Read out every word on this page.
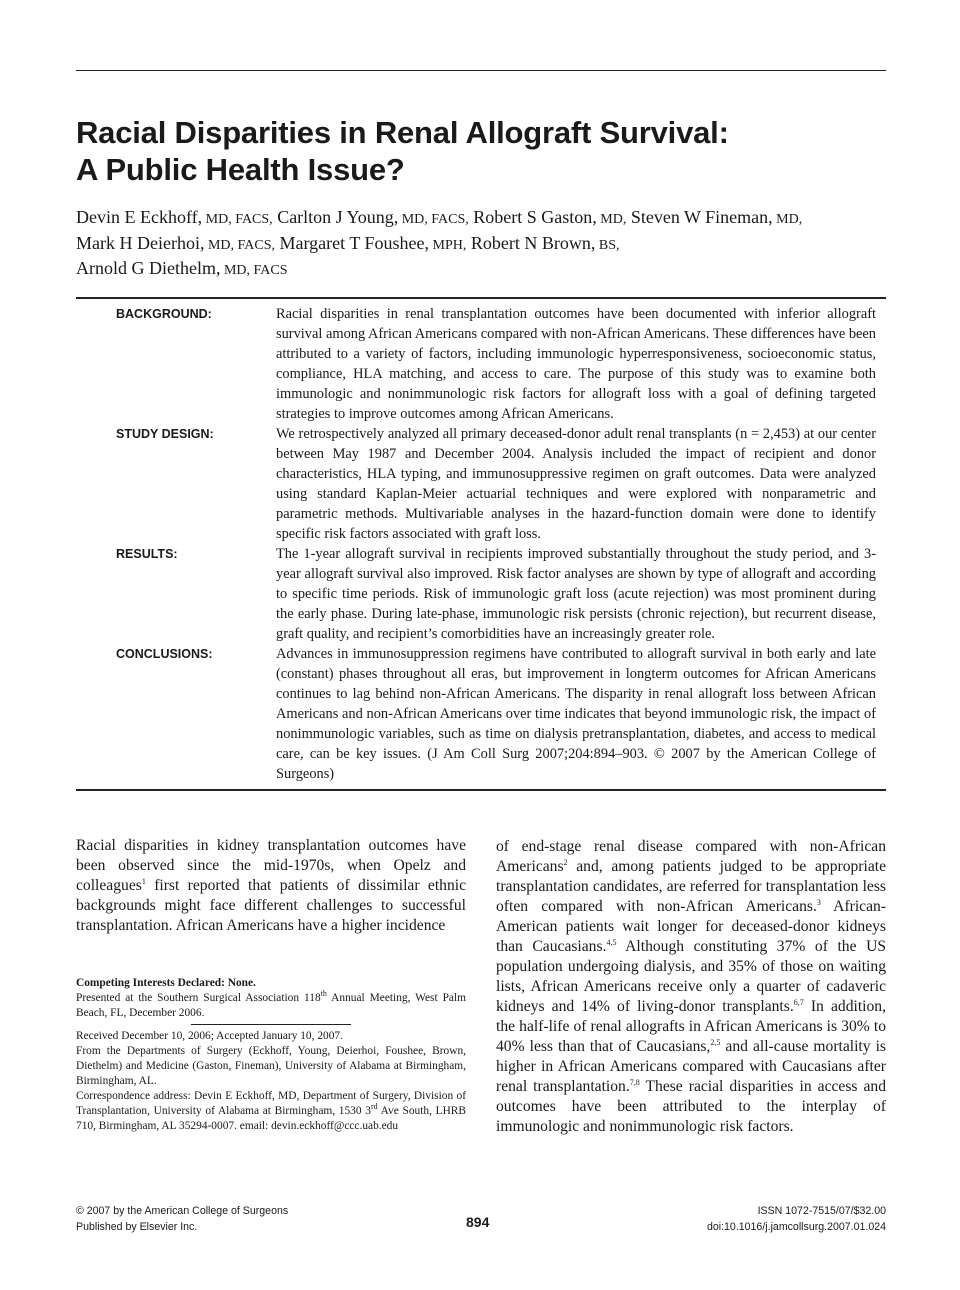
Racial Disparities in Renal Allograft Survival:
A Public Health Issue?
Devin E Eckhoff, MD, FACS, Carlton J Young, MD, FACS, Robert S Gaston, MD, Steven W Fineman, MD,
Mark H Deierhoi, MD, FACS, Margaret T Foushee, MPH, Robert N Brown, BS,
Arnold G Diethelm, MD, FACS
BACKGROUND:	Racial disparities in renal transplantation outcomes have been documented with inferior allograft survival among African Americans compared with non-African Americans. These differences have been attributed to a variety of factors, including immunologic hyperresponsiveness, socioeconomic status, compliance, HLA matching, and access to care. The purpose of this study was to examine both immunologic and nonimmunologic risk factors for allograft loss with a goal of defining targeted strategies to improve outcomes among African Americans.
STUDY DESIGN:	We retrospectively analyzed all primary deceased-donor adult renal transplants (n = 2,453) at our center between May 1987 and December 2004. Analysis included the impact of recipient and donor characteristics, HLA typing, and immunosuppressive regimen on graft outcomes. Data were analyzed using standard Kaplan-Meier actuarial techniques and were explored with nonparametric and parametric methods. Multivariable analyses in the hazard-function domain were done to identify specific risk factors associated with graft loss.
RESULTS:	The 1-year allograft survival in recipients improved substantially throughout the study period, and 3-year allograft survival also improved. Risk factor analyses are shown by type of allograft and according to specific time periods. Risk of immunologic graft loss (acute rejection) was most prominent during the early phase. During late-phase, immunologic risk persists (chronic rejection), but recurrent disease, graft quality, and recipient’s comorbidities have an increasingly greater role.
CONCLUSIONS:	Advances in immunosuppression regimens have contributed to allograft survival in both early and late (constant) phases throughout all eras, but improvement in longterm outcomes for African Americans continues to lag behind non-African Americans. The disparity in renal allograft loss between African Americans and non-African Americans over time indicates that beyond immunologic risk, the impact of nonimmunologic variables, such as time on dialysis pretransplantation, diabetes, and access to medical care, can be key issues. (J Am Coll Surg 2007;204:894–903. © 2007 by the American College of Surgeons)
Racial disparities in kidney transplantation outcomes have been observed since the mid-1970s, when Opelz and colleagues$^1$ first reported that patients of dissimilar ethnic backgrounds might face different challenges to successful transplantation. African Americans have a higher incidence

Competing Interests Declared: None.

Presented at the Southern Surgical Association 118th Annual Meeting, West Palm Beach, FL, December 2006.

Received December 10, 2006; Accepted January 10, 2007.

From the Departments of Surgery (Eckhoff, Young, Deierhoi, Foushee, Brown, Diethelm) and Medicine (Gaston, Fineman), University of Alabama at Birmingham, Birmingham, AL.

Correspondence address: Devin E Eckhoff, MD, Department of Surgery, Division of Transplantation, University of Alabama at Birmingham, 1530 3rd Ave South, LHRB 710, Birmingham, AL 35294-0007. email: devin.eckhoff@ccc.uab.edu

of end-stage renal disease compared with non-African Americans$^2$ and, among patients judged to be appropriate transplantation candidates, are referred for transplantation less often compared with non-African Americans.$^3$ African-American patients wait longer for deceased-donor kidneys than Caucasians.$^{4,5}$ Although constituting 37% of the US population undergoing dialysis, and 35% of those on waiting lists, African Americans receive only a quarter of cadaveric kidneys and 14% of living-donor transplants.$^{6,7}$ In addition, the half-life of renal allografts in African Americans is 30% to 40% less than that of Caucasians,$^{2,5}$ and all-cause mortality is higher in African Americans compared with Caucasians after renal transplantation.$^{7,8}$ These racial disparities in access and outcomes have been attributed to the interplay of immunologic and nonimmunologic risk factors.
© 2007 by the American College of Surgeons
Published by Elsevier Inc.	894
ISSN 1072-7515/07/$32.00
doi:10.1016/j.jamcollsurg.2007.01.024
